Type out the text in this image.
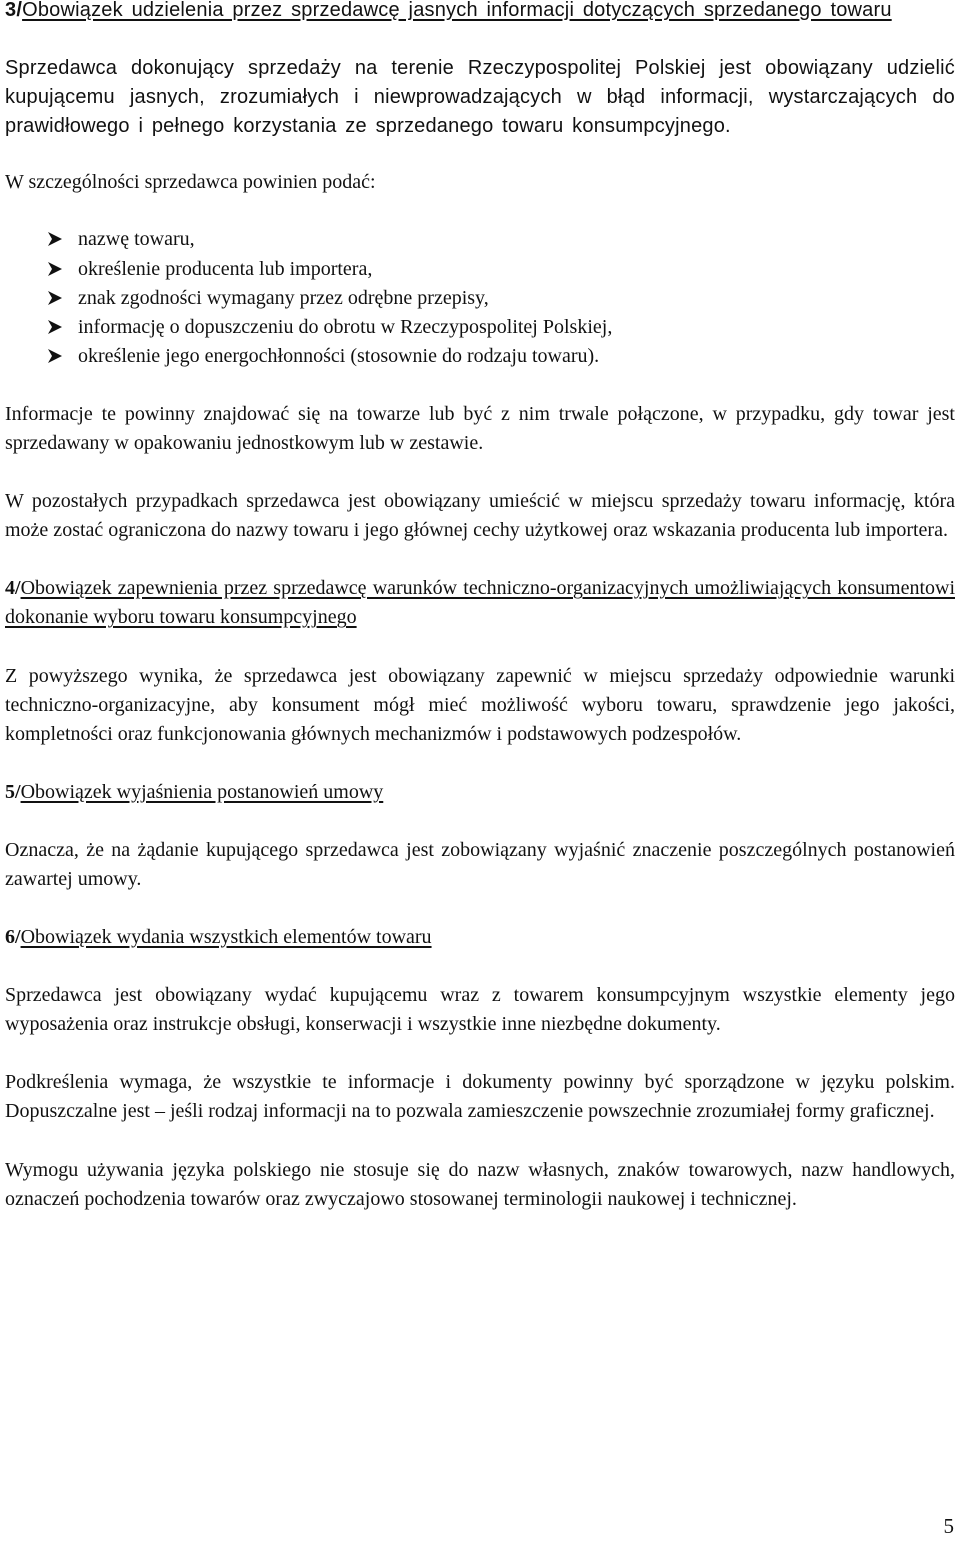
3/Obowiązek udzielenia przez sprzedawcę jasnych informacji dotyczących sprzedanego towaru

Sprzedawca dokonujący sprzedaży na terenie Rzeczypospolitej Polskiej jest obowiązany udzielić kupującemu jasnych, zrozumiałych i niewprowadzających w błąd informacji, wystarczających do prawidłowego i pełnego korzystania ze sprzedanego towaru konsumpcyjnego.

W szczególności sprzedawca powinien podać:

nazwę towaru,
określenie producenta lub importera,
znak zgodności wymagany przez odrębne przepisy,
informację o dopuszczeniu do obrotu w Rzeczypospolitej Polskiej,
określenie jego energochłonności (stosownie do rodzaju towaru).

Informacje te powinny znajdować się na towarze lub być z nim trwale połączone, w przypadku, gdy towar jest sprzedawany w opakowaniu jednostkowym lub w zestawie.

W pozostałych przypadkach sprzedawca jest obowiązany umieścić w miejscu sprzedaży towaru informację, która może zostać ograniczona do nazwy towaru i jego głównej cechy użytkowej oraz wskazania producenta lub importera.

4/Obowiązek zapewnienia przez sprzedawcę warunków techniczno-organizacyjnych umożliwiających konsumentowi dokonanie wyboru towaru konsumpcyjnego

Z powyższego wynika, że sprzedawca jest obowiązany zapewnić w miejscu sprzedaży odpowiednie warunki techniczno-organizacyjne, aby konsument mógł mieć możliwość wyboru towaru, sprawdzenie jego jakości, kompletności oraz funkcjonowania głównych mechanizmów i podstawowych podzespołów.

5/Obowiązek wyjaśnienia postanowień umowy

Oznacza, że na żądanie kupującego sprzedawca jest zobowiązany wyjaśnić znaczenie poszczególnych postanowień zawartej umowy.

6/Obowiązek wydania wszystkich elementów towaru

Sprzedawca jest obowiązany wydać kupującemu wraz z towarem konsumpcyjnym wszystkie elementy jego wyposażenia oraz instrukcje obsługi, konserwacji i wszystkie inne niezbędne dokumenty.

Podkreślenia wymaga, że wszystkie te informacje i dokumenty powinny być sporządzone w języku polskim. Dopuszczalne jest – jeśli rodzaj informacji na to pozwala zamieszczenie powszechnie zrozumiałej formy graficznej.

Wymogu używania języka polskiego nie stosuje się do nazw własnych, znaków towarowych, nazw handlowych, oznaczeń pochodzenia towarów oraz zwyczajowo stosowanej terminologii naukowej i technicznej.

5
